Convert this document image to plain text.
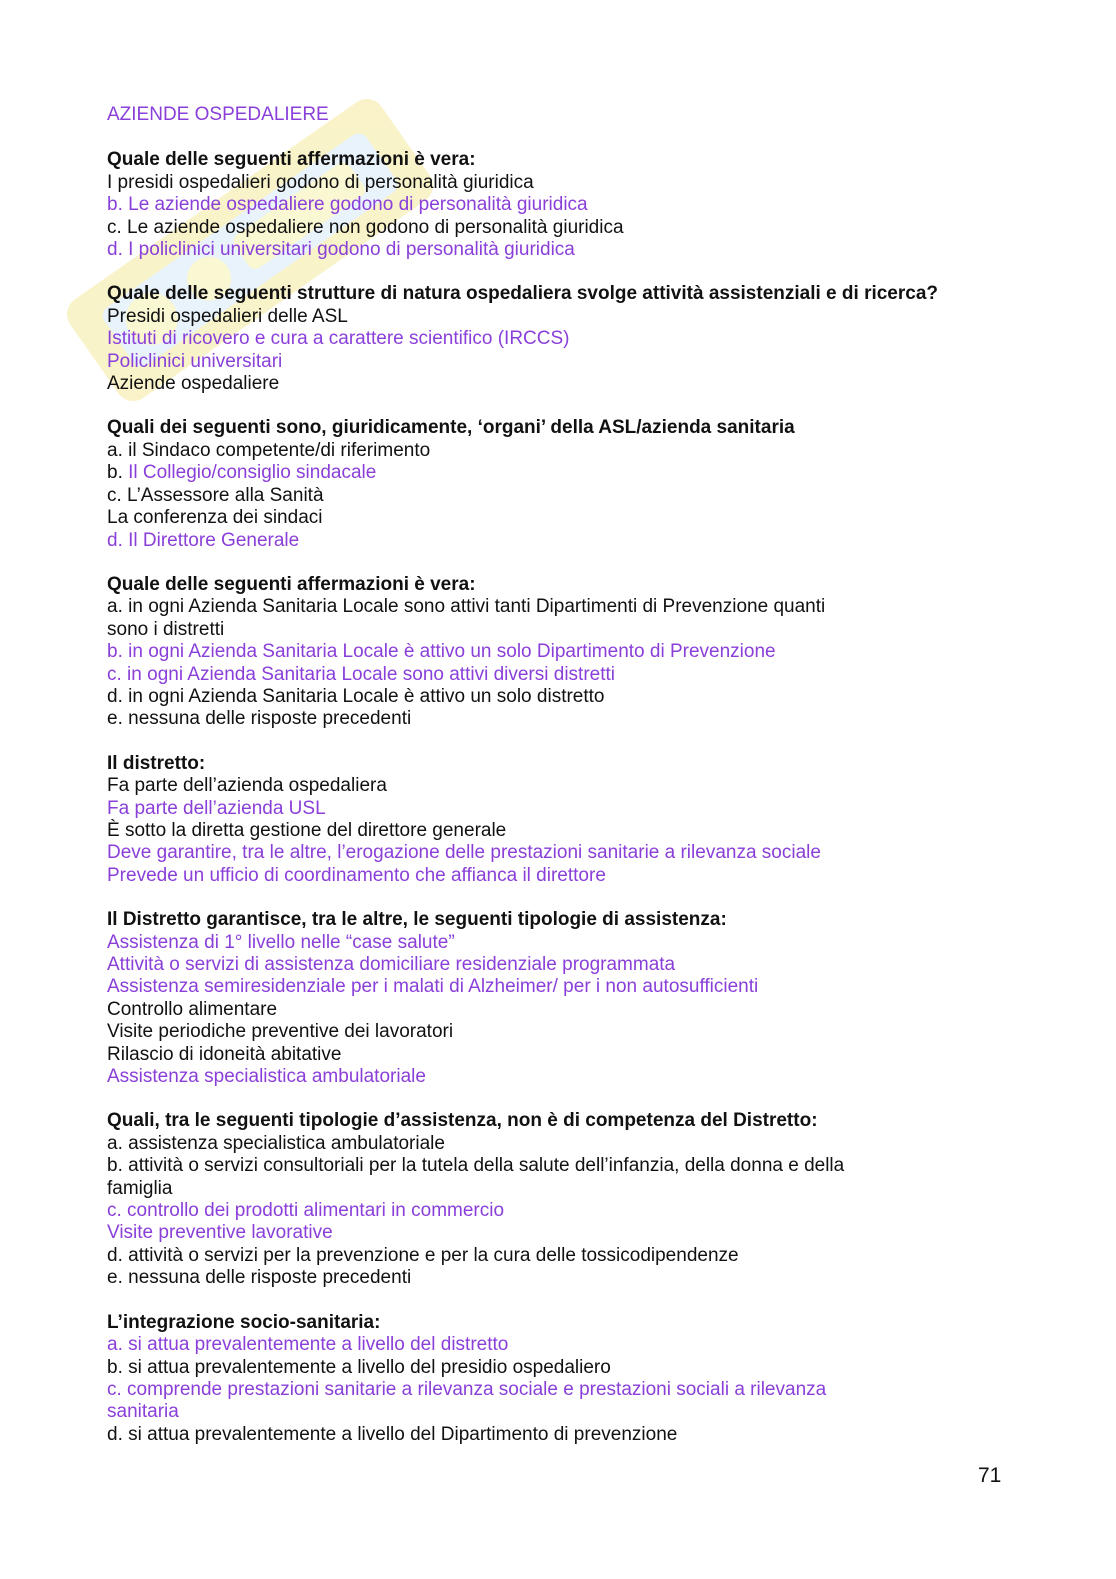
AZIENDE OSPEDALIERE
Quale delle seguenti affermazioni è vera:
I presidi ospedalieri godono di personalità giuridica
b. Le aziende ospedaliere godono di personalità giuridica
c. Le aziende ospedaliere non godono di personalità giuridica
d. I policlinici universitari godono di personalità giuridica
Quale delle seguenti strutture di natura ospedaliera svolge attività assistenziali e di ricerca?
Presidi ospedalieri delle ASL
Istituti di ricovero e cura a carattere scientifico (IRCCS)
Policlinici universitari
Aziende ospedaliere
Quali dei seguenti sono, giuridicamente, ‘organi’ della ASL/azienda sanitaria
a. il Sindaco competente/di riferimento
b. Il Collegio/consiglio sindacale
c. L’Assessore alla Sanità
La conferenza dei sindaci
d. Il Direttore Generale
Quale delle seguenti affermazioni è vera:
a. in ogni Azienda Sanitaria Locale sono attivi tanti Dipartimenti di Prevenzione quanti
sono i distretti
b. in ogni Azienda Sanitaria Locale è attivo un solo Dipartimento di Prevenzione
c. in ogni Azienda Sanitaria Locale sono attivi diversi distretti
d. in ogni Azienda Sanitaria Locale è attivo un solo distretto
e. nessuna delle risposte precedenti
Il distretto:
Fa parte dell’azienda ospedaliera
Fa parte dell’azienda USL
È sotto la diretta gestione del direttore generale
Deve garantire, tra le altre, l’erogazione delle prestazioni sanitarie a rilevanza sociale
Prevede un ufficio di coordinamento che affianca il direttore
Il Distretto garantisce, tra le altre, le seguenti tipologie di assistenza:
Assistenza di 1° livello nelle “case salute”
Attività o servizi di assistenza domiciliare residenziale programmata
Assistenza semiresidenziale per i malati di Alzheimer/ per i non autosufficienti
Controllo alimentare
Visite periodiche preventive dei lavoratori
Rilascio di idoneità abitative
Assistenza specialistica ambulatoriale
Quali, tra le seguenti tipologie d’assistenza, non è di competenza del Distretto:
a. assistenza specialistica ambulatoriale
b. attività o servizi consultoriali per la tutela della salute dell’infanzia, della donna e della
famiglia
c. controllo dei prodotti alimentari in commercio
Visite preventive lavorative
d. attività o servizi per la prevenzione e per la cura delle tossicodipendenze
e. nessuna delle risposte precedenti
L’integrazione socio-sanitaria:
a. si attua prevalentemente a livello del distretto
b. si attua prevalentemente a livello del presidio ospedaliero
c. comprende prestazioni sanitarie a rilevanza sociale e prestazioni sociali a rilevanza
sanitaria
d. si attua prevalentemente a livello del Dipartimento di prevenzione
71
